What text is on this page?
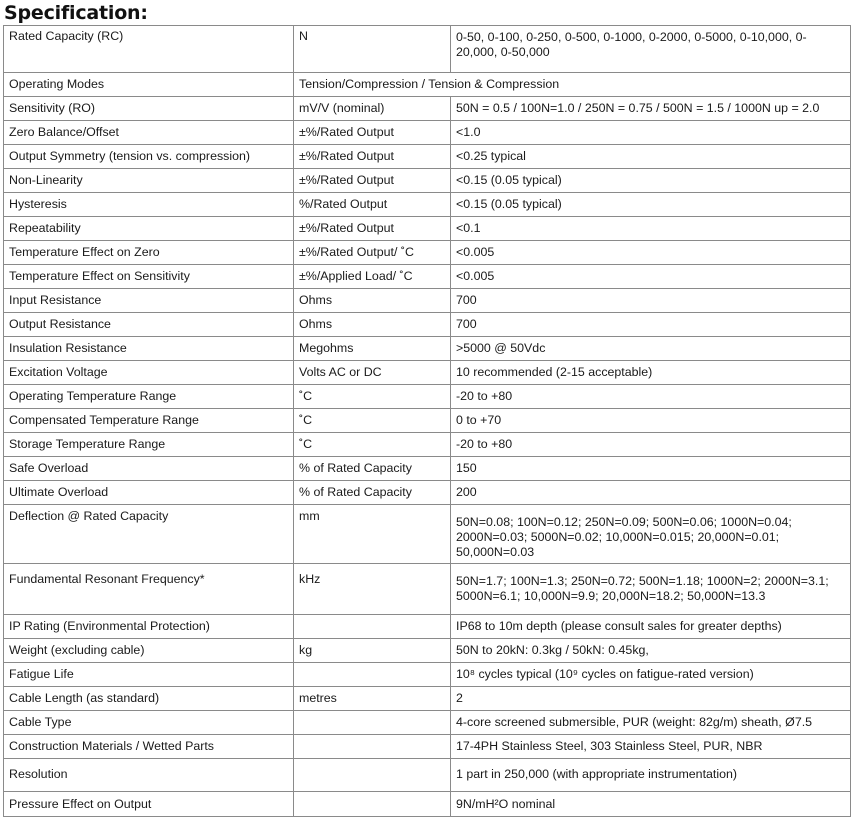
Specification:
Rated Capacity (RC)	N	0-50, 0-100, 0-250, 0-500, 0-1000, 0-2000, 0-5000, 0-10,000, 0-20,000, 0-50,000
Operating Modes	Tension/Compression / Tension & Compression	
Sensitivity (RO)	mV/V (nominal)	50N = 0.5 / 100N=1.0 / 250N = 0.75 / 500N = 1.5 / 1000N up = 2.0
Zero Balance/Offset	±%/Rated Output	<1.0
Output Symmetry (tension vs. compression)	±%/Rated Output	<0.25 typical
Non-Linearity	±%/Rated Output	<0.15 (0.05 typical)
Hysteresis	%/Rated Output	<0.15 (0.05 typical)
Repeatability	±%/Rated Output	<0.1
Temperature Effect on Zero	±%/Rated Output/ ˚C	<0.005
Temperature Effect on Sensitivity	±%/Applied Load/ ˚C	<0.005
Input Resistance	Ohms	700
Output Resistance	Ohms	700
Insulation Resistance	Megohms	>5000 @ 50Vdc
Excitation Voltage	Volts AC or DC	10 recommended (2-15 acceptable)
Operating Temperature Range	˚C	-20 to +80
Compensated Temperature Range	˚C	0 to +70
Storage Temperature Range	˚C	-20 to +80
Safe Overload	% of Rated Capacity	150
Ultimate Overload	% of Rated Capacity	200
Deflection @ Rated Capacity	mm	50N=0.08; 100N=0.12; 250N=0.09; 500N=0.06; 1000N=0.04; 2000N=0.03; 5000N=0.02; 10,000N=0.015; 20,000N=0.01; 50,000N=0.03
Fundamental Resonant Frequency*	kHz	50N=1.7; 100N=1.3; 250N=0.72; 500N=1.18; 1000N=2; 2000N=3.1; 5000N=6.1; 10,000N=9.9; 20,000N=18.2; 50,000N=13.3
IP Rating (Environmental Protection)		IP68 to 10m depth (please consult sales for greater depths)
Weight (excluding cable)	kg	50N to 20kN: 0.3kg / 50kN: 0.45kg,
Fatigue Life		10⁸ cycles typical (10⁹ cycles on fatigue-rated version)
Cable Length (as standard)	metres	2
Cable Type		4-core screened submersible, PUR (weight: 82g/m) sheath, Ø7.5
Construction Materials / Wetted Parts		17-4PH Stainless Steel, 303 Stainless Steel, PUR, NBR
Resolution		1 part in 250,000 (with appropriate instrumentation)
Pressure Effect on Output		9N/mH²O nominal
